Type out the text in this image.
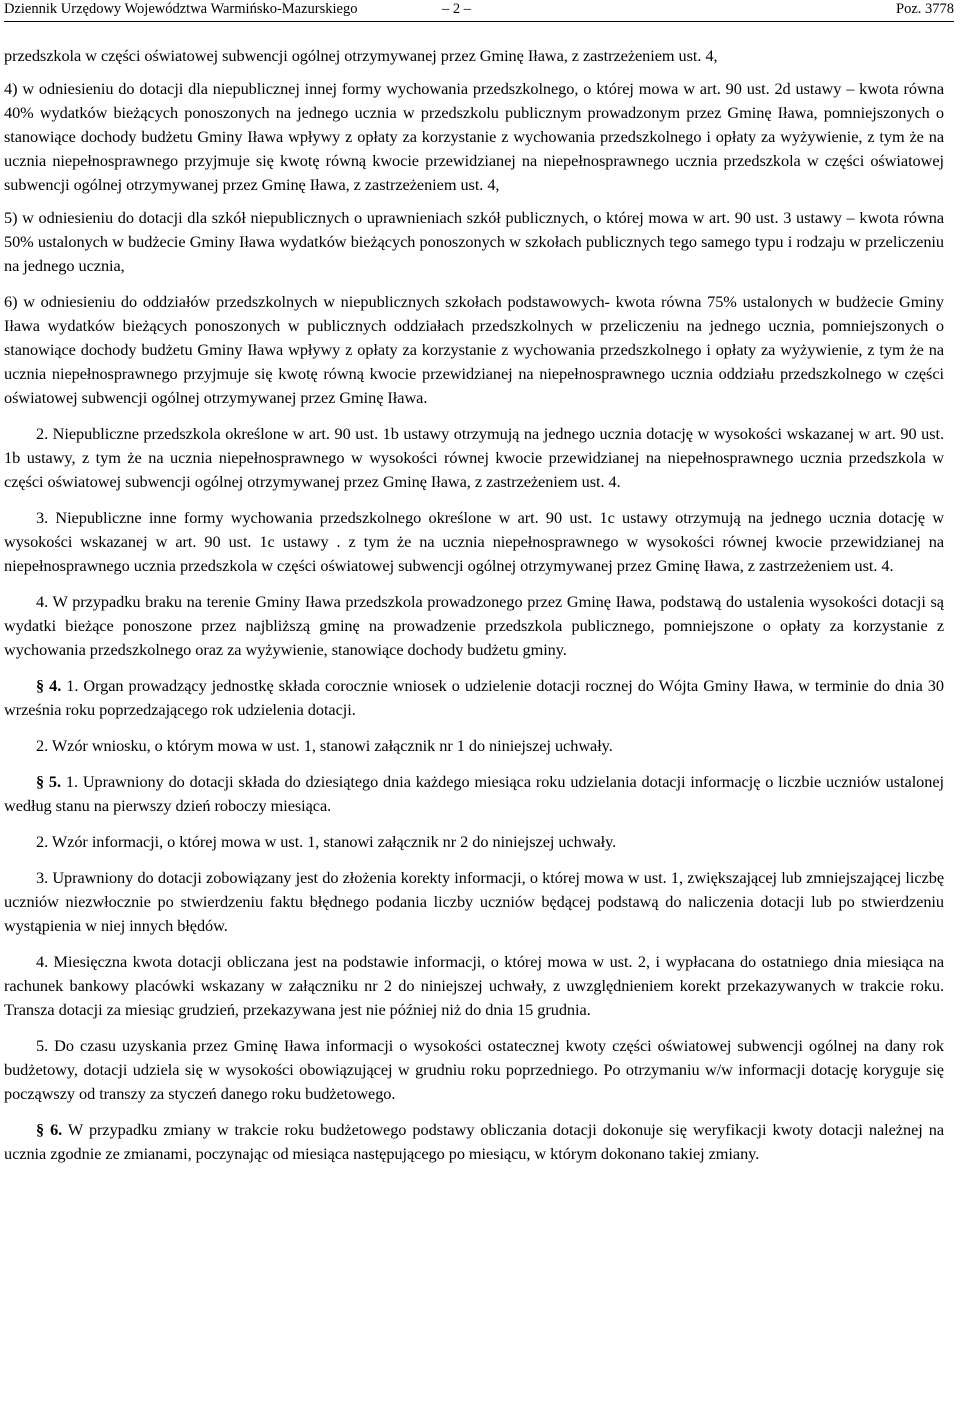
Dziennik Urzędowy Województwa Warmińsko-Mazurskiego	– 2 –	Poz. 3778

przedszkola w części oświatowej subwencji ogólnej otrzymywanej przez Gminę Iława, z zastrzeżeniem ust. 4,

4) w odniesieniu do dotacji dla niepublicznej innej formy wychowania przedszkolnego, o której mowa w art. 90 ust. 2d ustawy – kwota równa 40% wydatków bieżących ponoszonych na jednego ucznia w przedszkolu publicznym prowadzonym przez Gminę Iława, pomniejszonych o stanowiące dochody budżetu Gminy Iława wpływy z opłaty za korzystanie z wychowania przedszkolnego i opłaty za wyżywienie, z tym że na ucznia niepełnosprawnego przyjmuje się kwotę równą kwocie przewidzianej na niepełnosprawnego ucznia przedszkola w części oświatowej subwencji ogólnej otrzymywanej przez Gminę Iława, z zastrzeżeniem ust. 4,

5) w odniesieniu do dotacji dla szkół niepublicznych o uprawnieniach szkół publicznych, o której mowa w art. 90 ust. 3 ustawy – kwota równa 50% ustalonych w budżecie Gminy Iława wydatków bieżących ponoszonych w szkołach publicznych tego samego typu i rodzaju w przeliczeniu na jednego ucznia,

6) w odniesieniu do oddziałów przedszkolnych w niepublicznych szkołach podstawowych- kwota równa 75% ustalonych w budżecie Gminy Iława wydatków bieżących ponoszonych w publicznych oddziałach przedszkolnych w przeliczeniu na jednego ucznia, pomniejszonych o stanowiące dochody budżetu Gminy Iława wpływy z opłaty za korzystanie z wychowania przedszkolnego i opłaty za wyżywienie, z tym że na ucznia niepełnosprawnego przyjmuje się kwotę równą kwocie przewidzianej na niepełnosprawnego ucznia oddziału przedszkolnego w części oświatowej subwencji ogólnej otrzymywanej przez Gminę Iława.

2. Niepubliczne przedszkola określone w art. 90 ust. 1b ustawy otrzymują na jednego ucznia dotację w wysokości wskazanej w art. 90 ust. 1b ustawy, z tym że na ucznia niepełnosprawnego w wysokości równej kwocie przewidzianej na niepełnosprawnego ucznia przedszkola w części oświatowej subwencji ogólnej otrzymywanej przez Gminę Iława, z zastrzeżeniem ust. 4.

3. Niepubliczne inne formy wychowania przedszkolnego określone w art. 90 ust. 1c ustawy otrzymują na jednego ucznia dotację w wysokości wskazanej w art. 90 ust. 1c ustawy . z tym że na ucznia niepełnosprawnego w wysokości równej kwocie przewidzianej na niepełnosprawnego ucznia przedszkola w części oświatowej subwencji ogólnej otrzymywanej przez Gminę Iława, z zastrzeżeniem ust. 4.

4. W przypadku braku na terenie Gminy Iława przedszkola prowadzonego przez Gminę Iława, podstawą do ustalenia wysokości dotacji są wydatki bieżące ponoszone przez najbliższą gminę na prowadzenie przedszkola publicznego, pomniejszone o opłaty za korzystanie z wychowania przedszkolnego oraz za wyżywienie, stanowiące dochody budżetu gminy.

§ 4. 1. Organ prowadzący jednostkę składa corocznie wniosek o udzielenie dotacji rocznej do Wójta Gminy Iława, w terminie do dnia 30 września roku poprzedzającego rok udzielenia dotacji.

2. Wzór wniosku, o którym mowa w ust. 1, stanowi załącznik nr 1 do niniejszej uchwały.

§ 5. 1. Uprawniony do dotacji składa do dziesiątego dnia każdego miesiąca roku udzielania dotacji informację o liczbie uczniów ustalonej według stanu na pierwszy dzień roboczy miesiąca.

2. Wzór informacji, o której mowa w ust. 1, stanowi załącznik nr 2 do niniejszej uchwały.

3. Uprawniony do dotacji zobowiązany jest do złożenia korekty informacji, o której mowa w ust. 1, zwiększającej lub zmniejszającej liczbę uczniów niezwłocznie po stwierdzeniu faktu błędnego podania liczby uczniów będącej podstawą do naliczenia dotacji lub po stwierdzeniu wystąpienia w niej innych błędów.

4. Miesięczna kwota dotacji obliczana jest na podstawie informacji, o której mowa w ust. 2, i wypłacana do ostatniego dnia miesiąca na rachunek bankowy placówki wskazany w załączniku nr 2 do niniejszej uchwały, z uwzględnieniem korekt przekazywanych w trakcie roku. Transza dotacji za miesiąc grudzień, przekazywana jest nie później niż do dnia 15 grudnia.

5. Do czasu uzyskania przez Gminę Iława informacji o wysokości ostatecznej kwoty części oświatowej subwencji ogólnej na dany rok budżetowy, dotacji udziela się w wysokości obowiązującej w grudniu roku poprzedniego. Po otrzymaniu w/w informacji dotację koryguje się począwszy od transzy za styczeń danego roku budżetowego.

§ 6. W przypadku zmiany w trakcie roku budżetowego podstawy obliczania dotacji dokonuje się weryfikacji kwoty dotacji należnej na ucznia zgodnie ze zmianami, poczynając od miesiąca następującego po miesiącu, w którym dokonano takiej zmiany.
